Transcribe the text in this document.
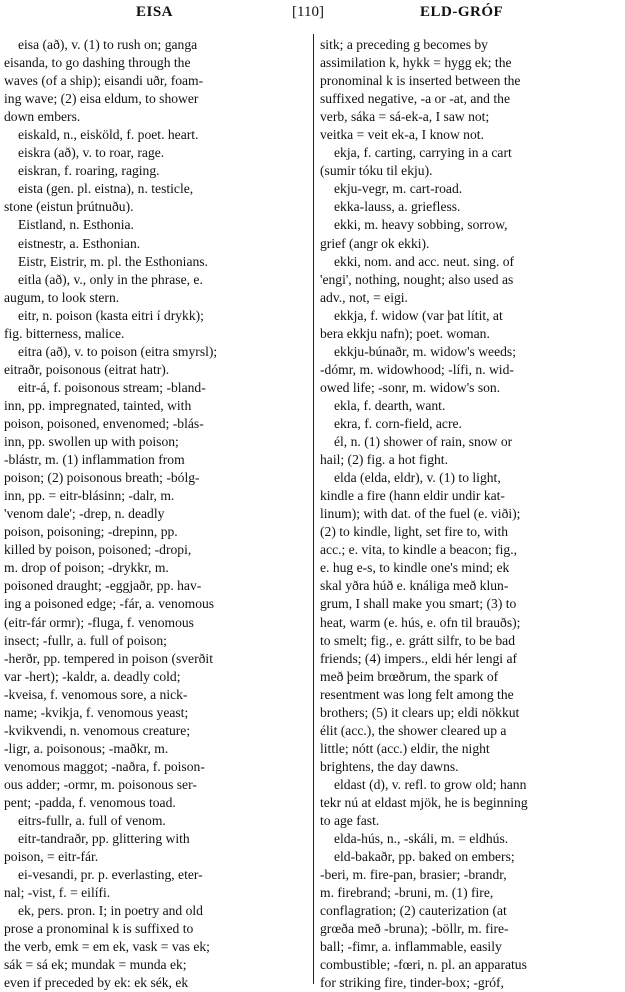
EISA	[110]	ELD-GRÓF
eisa (að), v. (1) to rush on; ganga
eisanda, to go dashing through the
waves (of a ship); eisandi uðr, foam-
ing wave; (2) eisa eldum, to shower
down embers.
eiskald, n., eisköld, f. poet. heart.
eiskra (að), v. to roar, rage.
eiskran, f. roaring, raging.
eista (gen. pl. eistna), n. testicle,
stone (eistun þrútnuðu).
Eistland, n. Esthonia.
eistnestr, a. Esthonian.
Eistr, Eistrir, m. pl. the Esthonians.
eitla (að), v., only in the phrase, e.
augum, to look stern.
eitr, n. poison (kasta eitri í drykk);
fig. bitterness, malice.
eitra (að), v. to poison (eitra smyrsl);
eitraðr, poisonous (eitrat hatr).
eitr-á, f. poisonous stream; -bland-
inn, pp. impregnated, tainted, with
poison, poisoned, envenomed; -blás-
inn, pp. swollen up with poison;
-blástr, m. (1) inflammation from
poison; (2) poisonous breath; -bólg-
inn, pp. = eitr-blásinn; -dalr, m.
'venom dale'; -drep, n. deadly
poison, poisoning; -drepinn, pp.
killed by poison, poisoned; -dropi,
m. drop of poison; -drykkr, m.
poisoned draught; -eggjaðr, pp. hav-
ing a poisoned edge; -fár, a. venomous
(eitr-fár ormr); -fluga, f. venomous
insect; -fullr, a. full of poison;
-herðr, pp. tempered in poison (sverðit
var -hert); -kaldr, a. deadly cold;
-kveisa, f. venomous sore, a nick-
name; -kvikja, f. venomous yeast;
-kvikvendi, n. venomous creature;
-ligr, a. poisonous; -maðkr, m.
venomous maggot; -naðra, f. poison-
ous adder; -ormr, m. poisonous ser-
pent; -padda, f. venomous toad.
eitrs-fullr, a. full of venom.
eitr-tandraðr, pp. glittering with
poison, = eitr-fár.
ei-vesandi, pr. p. everlasting, eter-
nal; -vist, f. = eilífi.
ek, pers. pron. I; in poetry and old
prose a pronominal k is suffixed to
the verb, emk = em ek, vask = vas ek;
sák = sá ek; mundak = munda ek;
even if preceded by ek: ek sék, ek
sitk; a preceding g becomes by
assimilation k, hykk = hygg ek; the
pronominal k is inserted between the
suffixed negative, -a or -at, and the
verb, sáka = sá-ek-a, I saw not;
veitka = veit ek-a, I know not.
ekja, f. carting, carrying in a cart
(sumir tóku til ekju).
ekju-vegr, m. cart-road.
ekka-lauss, a. griefless.
ekki, m. heavy sobbing, sorrow,
grief (angr ok ekki).
ekki, nom. and acc. neut. sing. of
'engi', nothing, nought; also used as
adv., not, = eigi.
ekkja, f. widow (var þat lítit, at
bera ekkju nafn); poet. woman.
ekkju-búnaðr, m. widow's weeds;
-dómr, m. widowhood; -lífi, n. wid-
owed life; -sonr, m. widow's son.
ekla, f. dearth, want.
ekra, f. corn-field, acre.
él, n. (1) shower of rain, snow or
hail; (2) fig. a hot fight.
elda (elda, eldr), v. (1) to light,
kindle a fire (hann eldir undir kat-
linum); with dat. of the fuel (e. viði);
(2) to kindle, light, set fire to, with
acc.; e. vita, to kindle a beacon; fig.,
e. hug e-s, to kindle one's mind; ek
skal yðra húð e. knáliga með klun-
grum, I shall make you smart; (3) to
heat, warm (e. hús, e. ofn til brauðs);
to smelt; fig., e. grátt silfr, to be bad
friends; (4) impers., eldi hér lengi af
með þeim brœðrum, the spark of
resentment was long felt among the
brothers; (5) it clears up; eldi nökkut
élit (acc.), the shower cleared up a
little; nótt (acc.) eldir, the night
brightens, the day dawns.
eldast (d), v. refl. to grow old; hann
tekr nú at eldast mjök, he is beginning
to age fast.
elda-hús, n., -skáli, m. = eldhús.
eld-bakaðr, pp. baked on embers;
-beri, m. fire-pan, brasier; -brandr,
m. firebrand; -bruni, m. (1) fire,
conflagration; (2) cauterization (at
grœða með -bruna); -böllr, m. fire-
ball; -fimr, a. inflammable, easily
combustible; -fœri, n. pl. an apparatus
for striking fire, tinder-box; -gróf,
